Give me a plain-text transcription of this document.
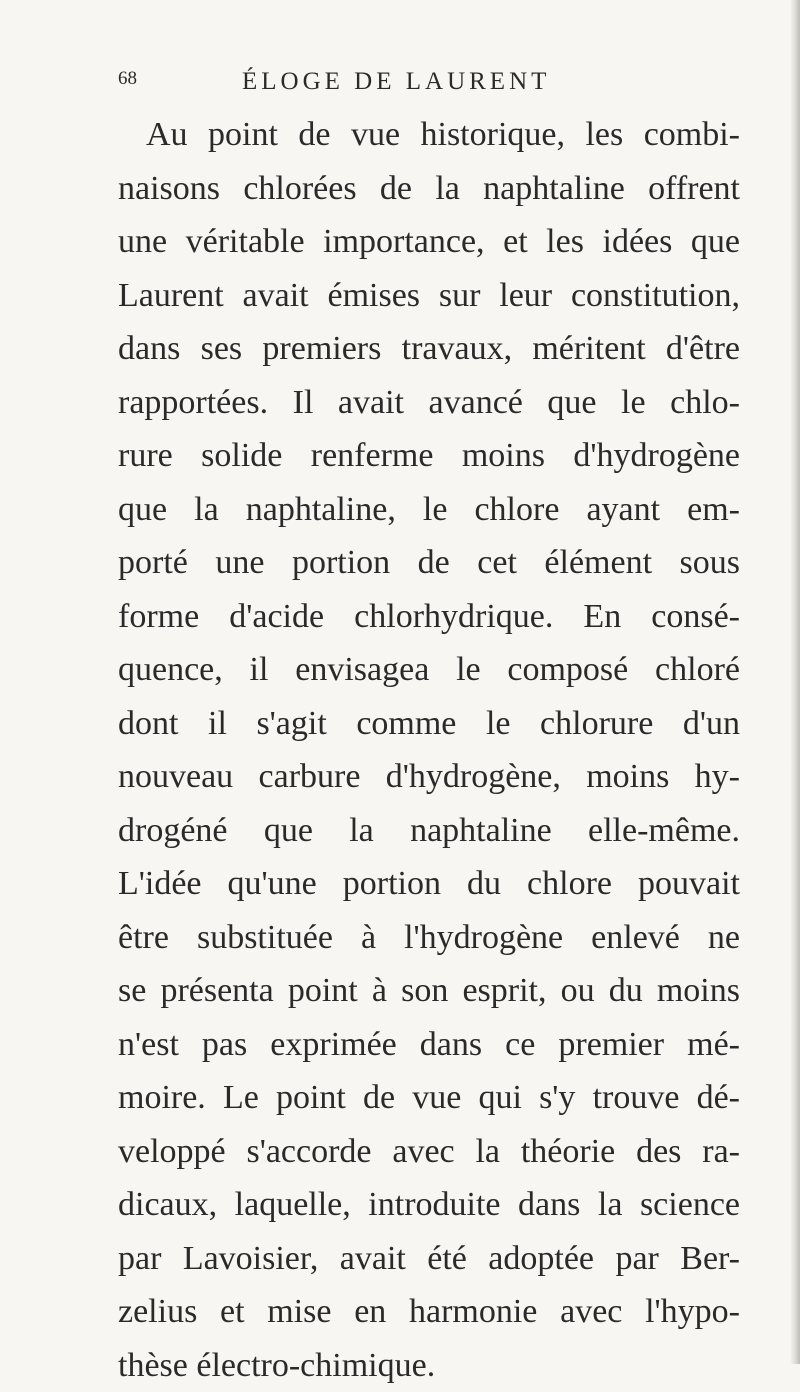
68	ÉLOGE DE LAURENT
Au point de vue historique, les combi-
naisons chlorées de la naphtaline offrent
une véritable importance, et les idées que
Laurent avait émises sur leur constitution,
dans ses premiers travaux, méritent d'être
rapportées. Il avait avancé que le chlo-
rure solide renferme moins d'hydrogène
que la naphtaline, le chlore ayant em-
porté une portion de cet élément sous
forme d'acide chlorhydrique. En consé-
quence, il envisagea le composé chloré
dont il s'agit comme le chlorure d'un
nouveau carbure d'hydrogène, moins hy-
drogéné que la naphtaline elle-même.
L'idée qu'une portion du chlore pouvait
être substituée à l'hydrogène enlevé ne
se présenta point à son esprit, ou du moins
n'est pas exprimée dans ce premier mé-
moire. Le point de vue qui s'y trouve dé-
veloppé s'accorde avec la théorie des ra-
dicaux, laquelle, introduite dans la science
par Lavoisier, avait été adoptée par Ber-
zelius et mise en harmonie avec l'hypo-
thèse électro-chimique.
